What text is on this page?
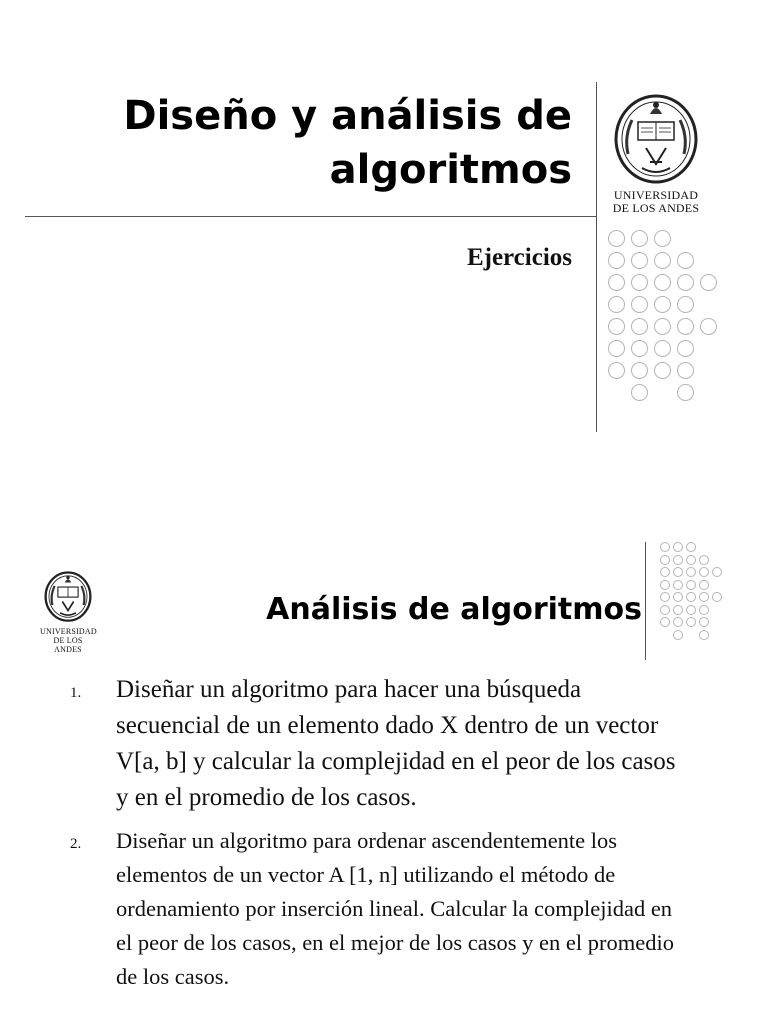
Diseño y análisis de
algoritmos
UNIVERSIDAD
DE LOS ANDES
Ejercicios
UNIVERSIDAD
DE LOS ANDES
Análisis de algoritmos
1. Diseñar un algoritmo para hacer una búsqueda secuencial de un elemento dado X dentro de un vector V[a, b] y calcular la complejidad en el peor de los casos y en el promedio de los casos.
2. Diseñar un algoritmo para ordenar ascendentemente los elementos de un vector A [1, n] utilizando el método de ordenamiento por inserción lineal. Calcular la complejidad en el peor de los casos, en el mejor de los casos y en el promedio de los casos.
